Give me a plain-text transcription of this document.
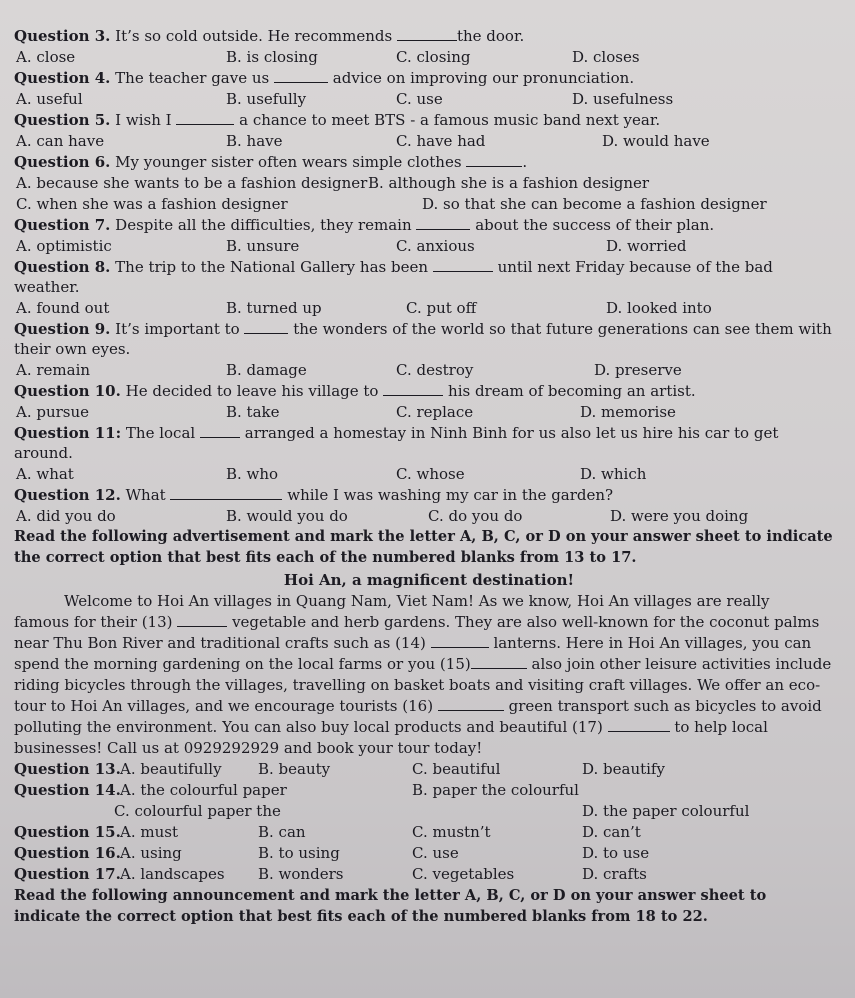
Question 3. It’s so cold outside. He recommends	the door.
A. close	B. is closing	C. closing	D. closes
Question 4. The teacher gave us	advice on improving our pronunciation.
A. useful	B. usefully	C. use	D. usefulness
Question 5. I wish I	a chance to meet BTS - a famous music band next year.
A. can have	B. have	C. have had	D. would have
Question 6. My younger sister often wears simple clothes	.
A. because she wants to be a fashion designer B. although she is a fashion designer
C. when she was a fashion designer	D. so that she can become a fashion designer
Question 7. Despite all the difficulties, they remain	about the success of their plan.
A. optimistic	B. unsure	C. anxious	D. worried
Question 8. The trip to the National Gallery has been	until next Friday because of the bad
weather.
A. found out	B. turned up	C. put off	D. looked into
Question 9. It’s important to	the wonders of the world so that future generations can see them with
their own eyes.
A. remain	B. damage	C. destroy	D. preserve
Question 10. He decided to leave his village to	his dream of becoming an artist.
A. pursue	B. take	C. replace	D. memorise
Question 11: The local	arranged a homestay in Ninh Binh for us also let us hire his car to get
around.
A. what	B. who	C. whose	D. which
Question 12. What	while I was washing my car in the garden?
A. did you do	B. would you do	C. do you do	D. were you doing
Read the following advertisement and mark the letter A, B, C, or D on your answer sheet to indicate
the correct option that best fits each of the numbered blanks from 13 to 17.
Hoi An, a magnificent destination!
Welcome to Hoi An villages in Quang Nam, Viet Nam! As we know, Hoi An villages are really
famous for their (13)	vegetable and herb gardens. They are also well-known for the coconut palms
near Thu Bon River and traditional crafts such as (14)	lanterns. Here in Hoi An villages, you can
spend the morning gardening on the local farms or you (15)	also join other leisure activities include
riding bicycles through the villages, travelling on basket boats and visiting craft villages. We offer an eco-
tour to Hoi An villages, and we encourage tourists (16)	green transport such as bicycles to avoid
polluting the environment. You can also buy local products and beautiful (17)	to help local
businesses! Call us at 0929292929 and book your tour today!
Question 13. A. beautifully B. beauty	C. beautiful	D. beautify
Question 14. A. the colourful paper	B. paper the colourful
C. colourful paper the	D. the paper colourful
Question 15. A. must	B. can	C. mustn’t	D. can’t
Question 16. A. using	B. to using	C. use	D. to use
Question 17. A. landscapes B. wonders	C. vegetables	D. crafts
Read the following announcement and mark the letter A, B, C, or D on your answer sheet to
indicate the correct option that best fits each of the numbered blanks from 18 to 22.
